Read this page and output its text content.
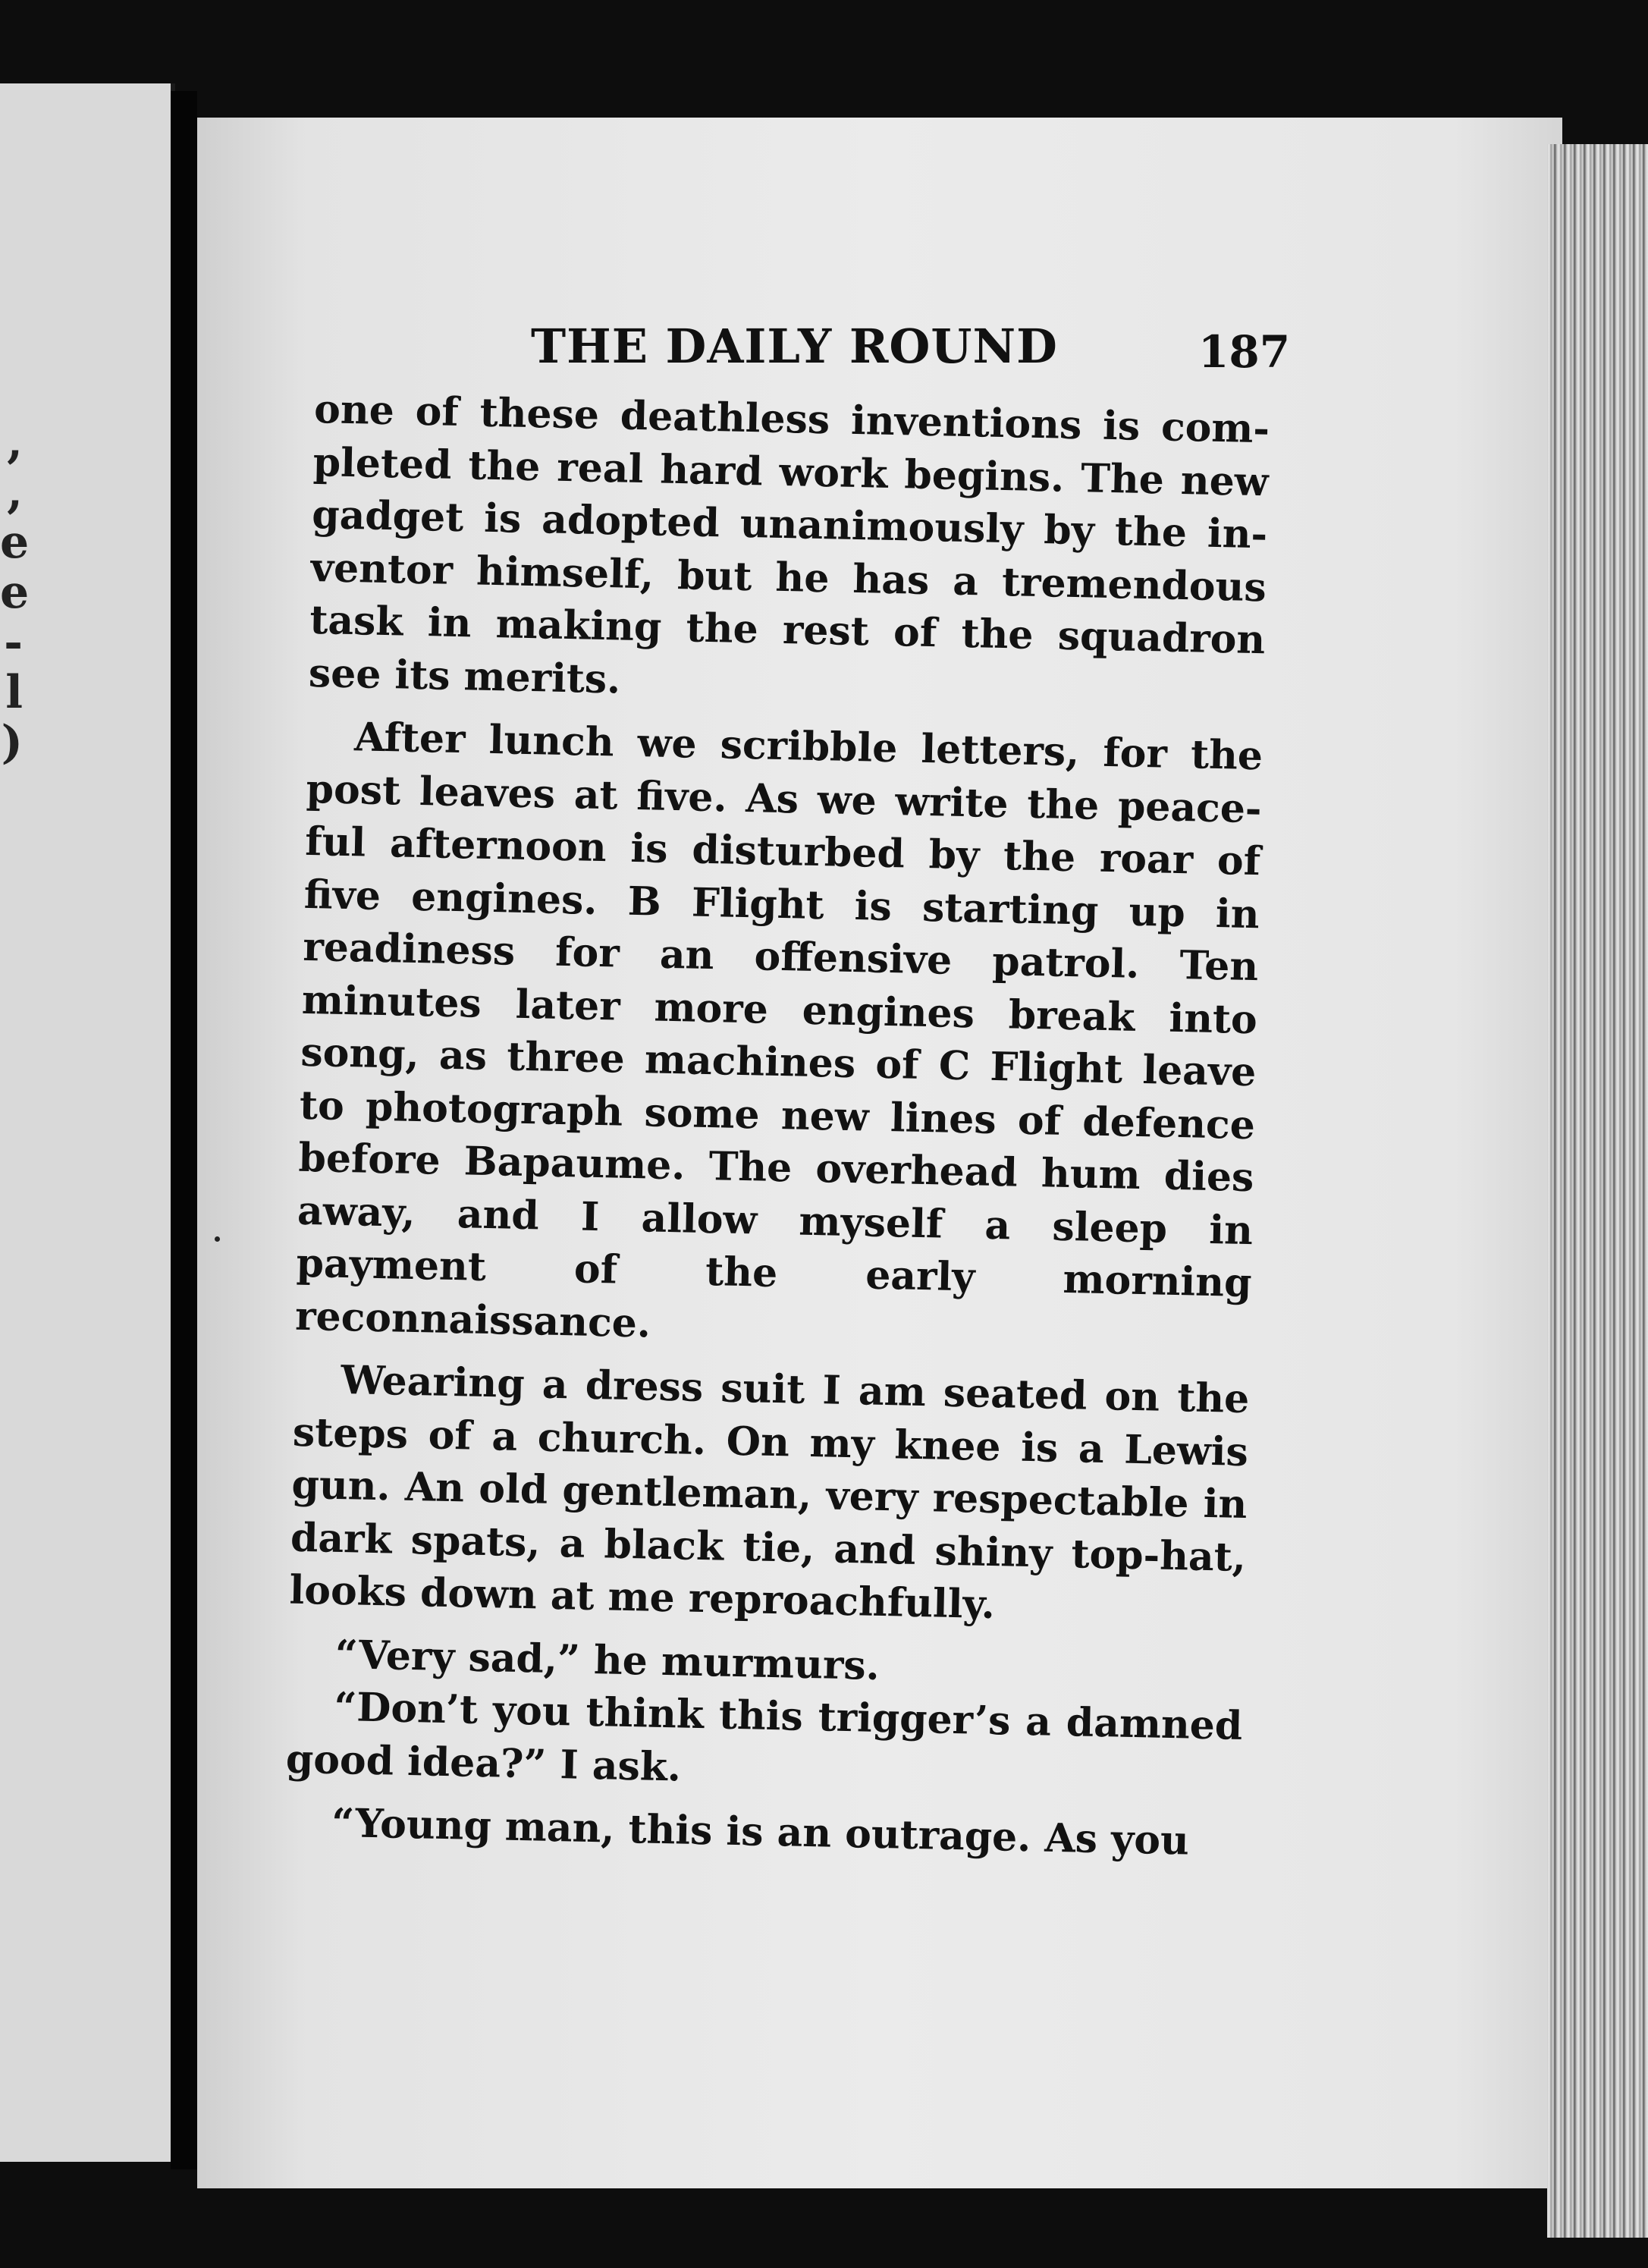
,
,
e
e
-
l
)
THE DAILY ROUND	187

one of these deathless inventions is completed the real hard work begins. The new gadget is adopted unanimously by the inventor himself, but he has a tremendous task in making the rest of the squadron see its merits.

After lunch we scribble letters, for the post leaves at five. As we write the peaceful afternoon is disturbed by the roar of five engines. B Flight is starting up in readiness for an offensive patrol. Ten minutes later more engines break into song, as three machines of C Flight leave to photograph some new lines of defence before Bapaume. The overhead hum dies away, and I allow myself a sleep in payment of the early morning reconnaissance.

Wearing a dress suit I am seated on the steps of a church. On my knee is a Lewis gun. An old gentleman, very respectable in dark spats, a black tie, and shiny top-hat, looks down at me reproachfully.

“Very sad,” he murmurs.

“Don’t you think this trigger’s a damned good idea?” I ask.

“Young man, this is an outrage. As you
